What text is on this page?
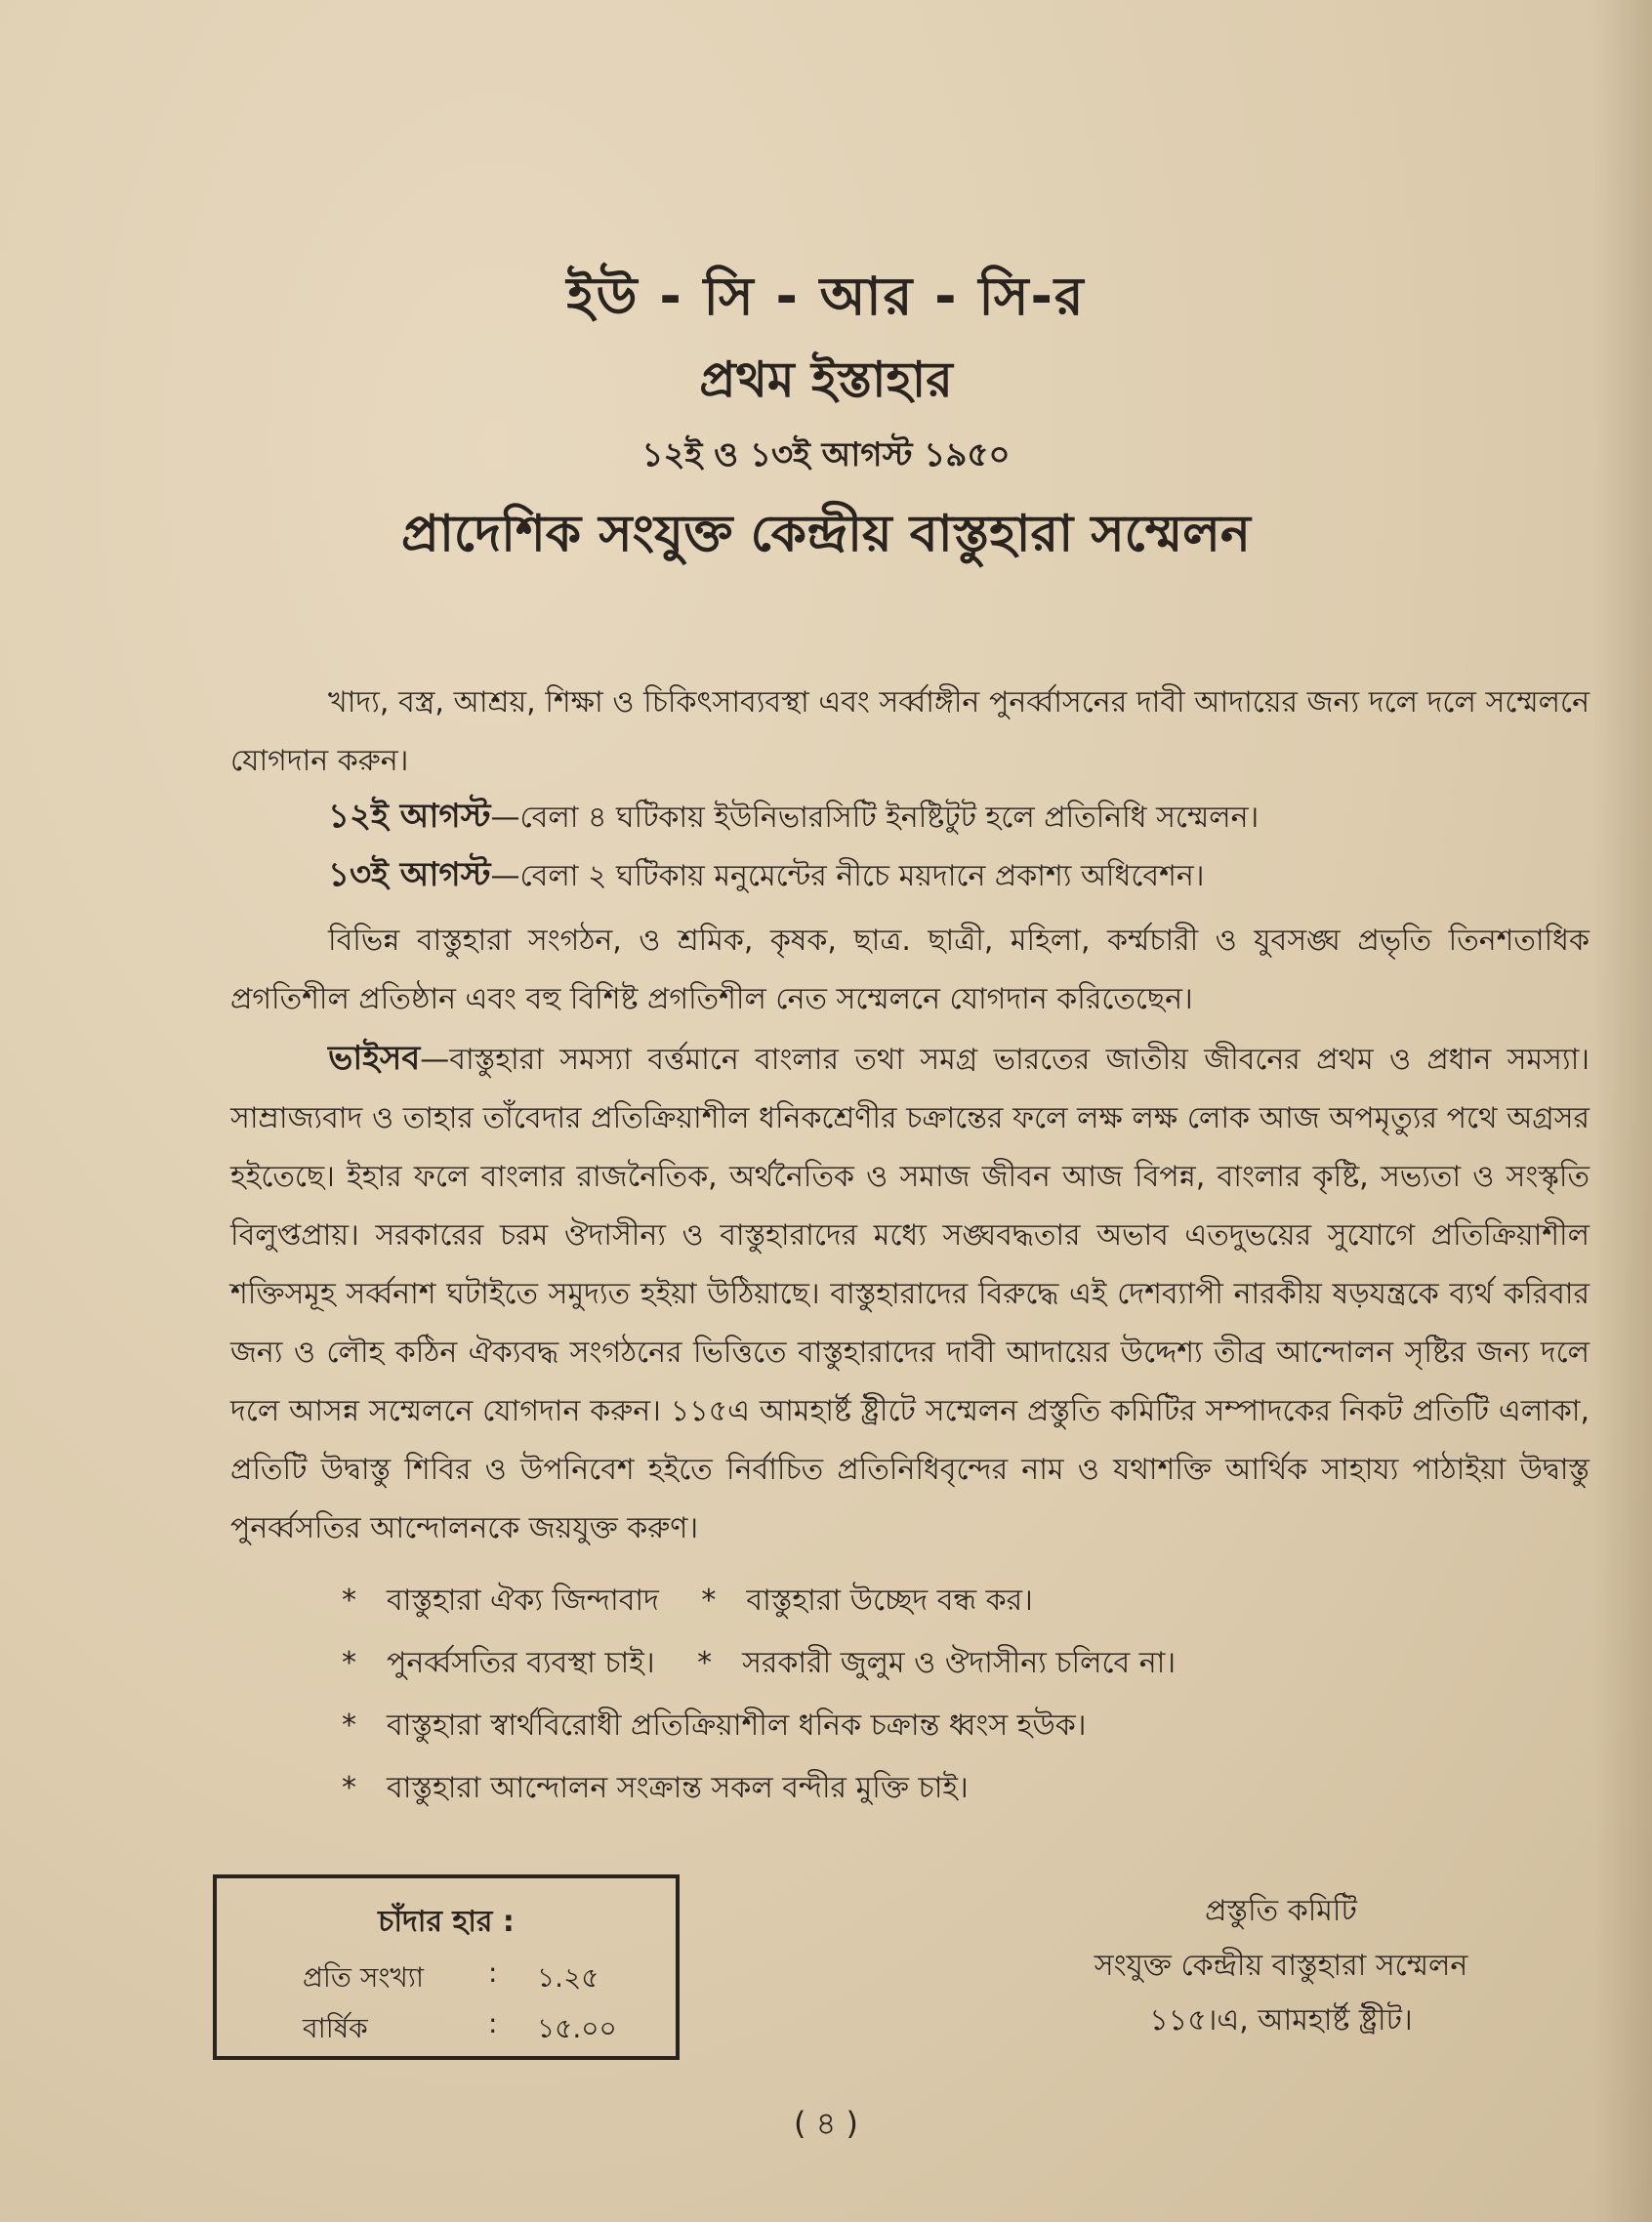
ইউ - সি - আর - সি-র
প্রথম ইস্তাহার
১২ই ও ১৩ই আগস্ট ১৯৫০
প্রাদেশিক সংযুক্ত কেন্দ্রীয় বাস্তুহারা সম্মেলন
খাদ্য, বস্ত্র, আশ্রয়, শিক্ষা ও চিকিৎসাব্যবস্থা এবং সর্ব্বাঙ্গীন পুনর্ব্বাসনের দাবী আদায়ের জন্য দলে দলে সম্মেলনে যোগদান করুন।
১২ই আগস্ট—বেলা ৪ ঘটিকায় ইউনিভারসিটি ইনষ্টিটুট হলে প্রতিনিধি সম্মেলন।
১৩ই আগস্ট—বেলা ২ ঘটিকায় মনুমেন্টের নীচে ময়দানে প্রকাশ্য অধিবেশন।
বিভিন্ন বাস্তুহারা সংগঠন, ও শ্রমিক, কৃষক, ছাত্র. ছাত্রী, মহিলা, কর্ম্মচারী ও যুবসঙ্ঘ প্রভৃতি তিনশতাধিক প্রগতিশীল প্রতিষ্ঠান এবং বহু বিশিষ্ট প্রগতিশীল নেত সম্মেলনে যোগদান করিতেছেন।
ভাইসব—বাস্তুহারা সমস্যা বর্ত্তমানে বাংলার তথা সমগ্র ভারতের জাতীয় জীবনের প্রথম ও প্রধান সমস্যা। সাম্রাজ্যবাদ ও তাহার তাঁবেদার প্রতিক্রিয়াশীল ধনিকশ্রেণীর চক্রান্তের ফলে লক্ষ লক্ষ লোক আজ অপমৃত্যুর পথে অগ্রসর হইতেছে। ইহার ফলে বাংলার রাজনৈতিক, অর্থনৈতিক ও সমাজ জীবন আজ বিপন্ন, বাংলার কৃষ্টি, সভ্যতা ও সংস্কৃতি বিলুপ্তপ্রায়। সরকারের চরম ঔদাসীন্য ও বাস্তুহারাদের মধ্যে সঙ্ঘবদ্ধতার অভাব এতদুভয়ের সুযোগে প্রতিক্রিয়াশীল শক্তিসমূহ সর্ব্বনাশ ঘটাইতে সমুদ্যত হইয়া উঠিয়াছে। বাস্তুহারাদের বিরুদ্ধে এই দেশব্যাপী নারকীয় ষড়যন্ত্রকে ব্যর্থ করিবার জন্য ও লৌহ কঠিন ঐক্যবদ্ধ সংগঠনের ভিত্তিতে বাস্তুহারাদের দাবী আদায়ের উদ্দেশ্য তীব্র আন্দোলন সৃষ্টির জন্য দলে দলে আসন্ন সম্মেলনে যোগদান করুন। ১১৫এ আমহার্ষ্ট ষ্ট্রীটে সম্মেলন প্রস্তুতি কমিটির সম্পাদকের নিকট প্রতিটি এলাকা, প্রতিটি উদ্বাস্তু শিবির ও উপনিবেশ হইতে নির্বাচিত প্রতিনিধিবৃন্দের নাম ও যথাশক্তি আর্থিক সাহায্য পাঠাইয়া উদ্বাস্তু পুনর্ব্বসতির আন্দোলনকে জয়যুক্ত করুণ।
* বাস্তুহারা ঐক্য জিন্দাবাদ * বাস্তুহারা উচ্ছেদ বন্ধ কর।
* পুনর্ব্বসতির ব্যবস্থা চাই। * সরকারী জুলুম ও ঔদাসীন্য চলিবে না।
* বাস্তুহারা স্বার্থবিরোধী প্রতিক্রিয়াশীল ধনিক চক্রান্ত ধ্বংস হউক।
* বাস্তুহারা আন্দোলন সংক্রান্ত সকল বন্দীর মুক্তি চাই।
চাঁদার হার :
প্রতি সংখ্যা : ১.২৫
বার্ষিক	: ১৫.০০
প্রস্তুতি কমিটি
সংযুক্ত কেন্দ্রীয় বাস্তুহারা সম্মেলন
১১৫।এ, আমহার্ষ্ট ষ্ট্রীট।
( ৪ )
